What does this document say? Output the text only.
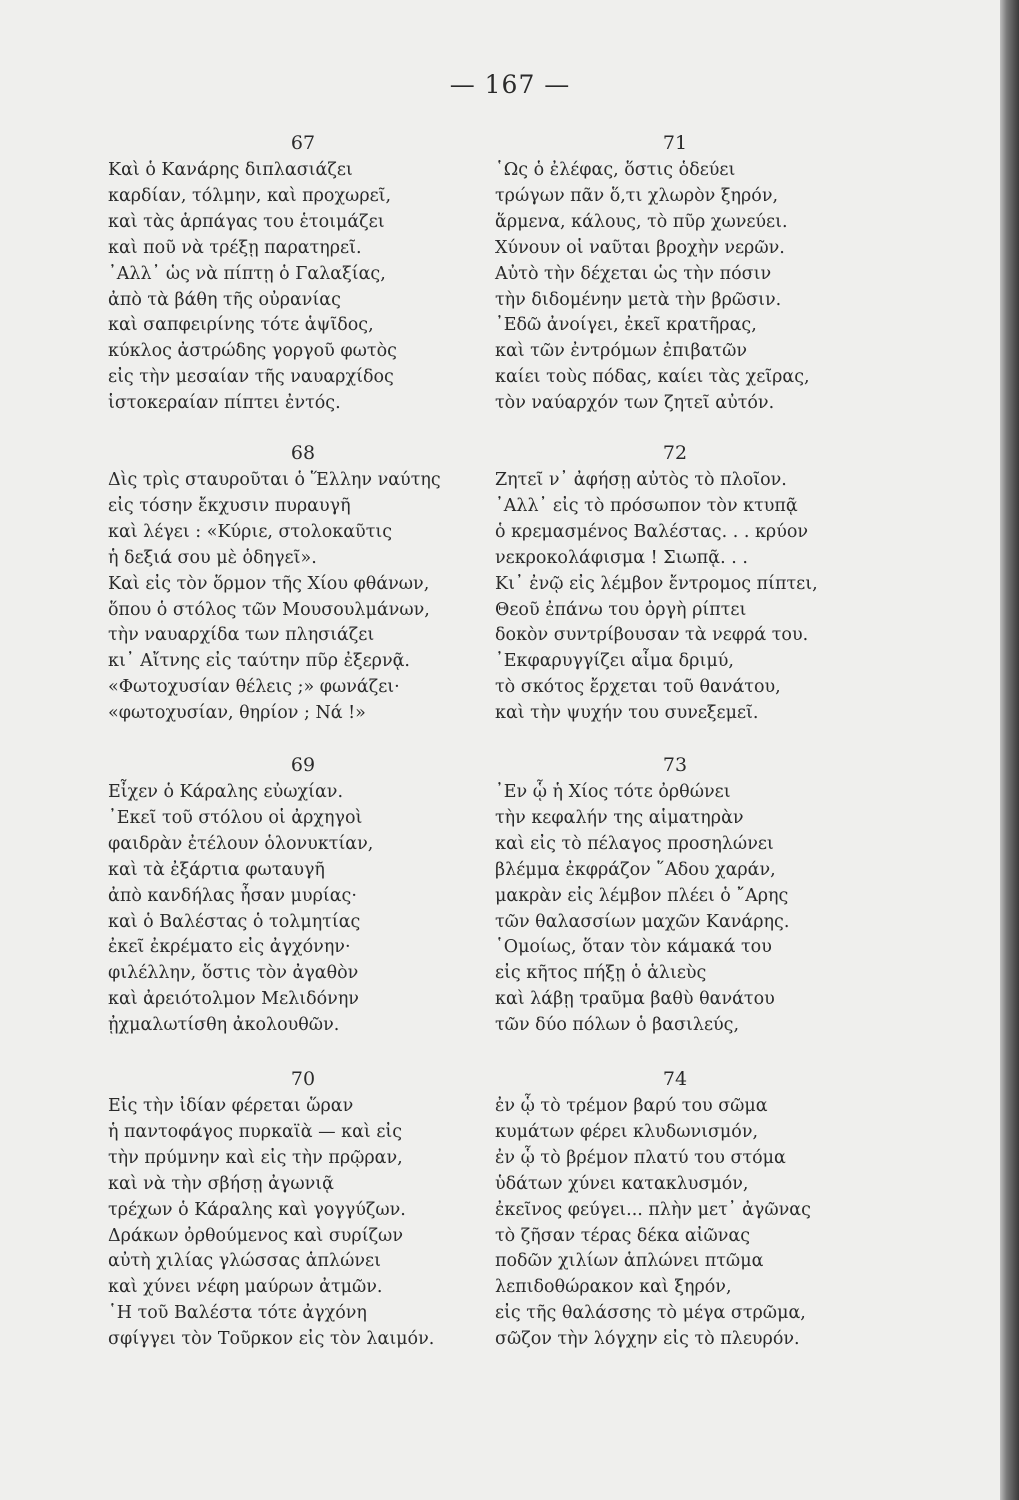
— 167 —
67
Καὶ ὁ Κανάρης διπλασιάζει
καρδίαν, τόλμην, καὶ προχωρεῖ,
καὶ τὰς ἁρπάγας του ἑτοιμάζει
καὶ ποῦ νὰ τρέξῃ παρατηρεῖ.
᾿Αλλ᾿ ὡς νὰ πίπτῃ ὁ Γαλαξίας,
ἀπὸ τὰ βάθη τῆς οὐρανίας
καὶ σαπφειρίνης τότε ἁψῖδος,
κύκλος ἀστρώδης γοργοῦ φωτὸς
εἰς τὴν μεσαίαν τῆς ναυαρχίδος
ἱστοκεραίαν πίπτει ἐντός.
68
Δὶς τρὶς σταυροῦται ὁ Ἕλλην ναύτης
εἰς τόσην ἔκχυσιν πυραυγῆ
καὶ λέγει : «Κύριε, στολοκαῦτις
ἡ δεξιά σου μὲ ὁδηγεῖ».
Καὶ εἰς τὸν ὅρμον τῆς Χίου φθάνων,
ὅπου ὁ στόλος τῶν Μουσουλμάνων,
τὴν ναυαρχίδα των πλησιάζει
κι᾿ Αἴτνης εἰς ταύτην πῦρ ἐξερνᾷ.
«Φωτοχυσίαν θέλεις ;» φωνάζει·
«φωτοχυσίαν, θηρίον ; Νά !»
69
Εἶχεν ὁ Κάραλης εὐωχίαν.
᾿Εκεῖ τοῦ στόλου οἱ ἀρχηγοὶ
φαιδρὰν ἐτέλουν ὁλονυκτίαν,
καὶ τὰ ἐξάρτια φωταυγῆ
ἀπὸ κανδήλας ἦσαν μυρίας·
καὶ ὁ Βαλέστας ὁ τολμητίας
ἐκεῖ ἐκρέματο εἰς ἀγχόνην·
φιλέλλην, ὅστις τὸν ἀγαθὸν
καὶ ἀρειότολμον Μελιδόνην
ᾐχμαλωτίσθη ἀκολουθῶν.
70
Εἰς τὴν ἰδίαν φέρεται ὥραν
ἡ παντοφάγος πυρκαϊὰ — καὶ εἰς
τὴν πρύμνην καὶ εἰς τὴν πρῷραν,
καὶ νὰ τὴν σβήσῃ ἀγωνιᾷ
τρέχων ὁ Κάραλης καὶ γογγύζων.
Δράκων ὀρθούμενος καὶ συρίζων
αὐτὴ χιλίας γλώσσας ἁπλώνει
καὶ χύνει νέφη μαύρων ἀτμῶν.
῾Η τοῦ Βαλέστα τότε ἀγχόνη
σφίγγει τὸν Τοῦρκον εἰς τὸν λαιμόν.
71
῾Ως ὁ ἐλέφας, ὅστις ὁδεύει
τρώγων πᾶν ὅ,τι χλωρὸν ξηρόν,
ἅρμενα, κάλους, τὸ πῦρ χωνεύει.
Χύνουν οἱ ναῦται βροχὴν νερῶν.
Αὐτὸ τὴν δέχεται ὡς τὴν πόσιν
τὴν διδομένην μετὰ τὴν βρῶσιν.
᾿Εδῶ ἀνοίγει, ἐκεῖ κρατῆρας,
καὶ τῶν ἐντρόμων ἐπιβατῶν
καίει τοὺς πόδας, καίει τὰς χεῖρας,
τὸν ναύαρχόν των ζητεῖ αὐτόν.
72
Ζητεῖ ν᾿ ἀφήσῃ αὐτὸς τὸ πλοῖον.
᾿Αλλ᾿ εἰς τὸ πρόσωπον τὸν κτυπᾷ
ὁ κρεμασμένος Βαλέστας. . . κρύον
νεκροκολάφισμα ! Σιωπᾷ. . .
Κι᾿ ἐνῷ εἰς λέμβον ἔντρομος πίπτει,
Θεοῦ ἐπάνω του ὀργὴ ρίπτει
δοκὸν συντρίβουσαν τὰ νεφρά του.
᾿Εκφαρυγγίζει αἷμα δριμύ,
τὸ σκότος ἔρχεται τοῦ θανάτου,
καὶ τὴν ψυχήν του συνεξεμεῖ.
73
᾿Εν ᾧ ἡ Χίος τότε ὀρθώνει
τὴν κεφαλήν της αἱματηρὰν
καὶ εἰς τὸ πέλαγος προσηλώνει
βλέμμα ἐκφράζον ῞Αδου χαράν,
μακρὰν εἰς λέμβον πλέει ὁ ῎Αρης
τῶν θαλασσίων μαχῶν Κανάρης.
῾Ομοίως, ὅταν τὸν κάμακά του
εἰς κῆτος πήξῃ ὁ ἁλιεὺς
καὶ λάβῃ τραῦμα βαθὺ θανάτου
τῶν δύο πόλων ὁ βασιλεύς,
74
ἐν ᾧ τὸ τρέμον βαρύ του σῶμα
κυμάτων φέρει κλυδωνισμόν,
ἐν ᾧ τὸ βρέμον πλατύ του στόμα
ὑδάτων χύνει κατακλυσμόν,
ἐκεῖνος φεύγει... πλὴν μετ᾿ ἀγῶνας
τὸ ζῆσαν τέρας δέκα αἰῶνας
ποδῶν χιλίων ἁπλώνει πτῶμα
λεπιδοθώρακον καὶ ξηρόν,
εἰς τῆς θαλάσσης τὸ μέγα στρῶμα,
σῶζον τὴν λόγχην εἰς τὸ πλευρόν.
